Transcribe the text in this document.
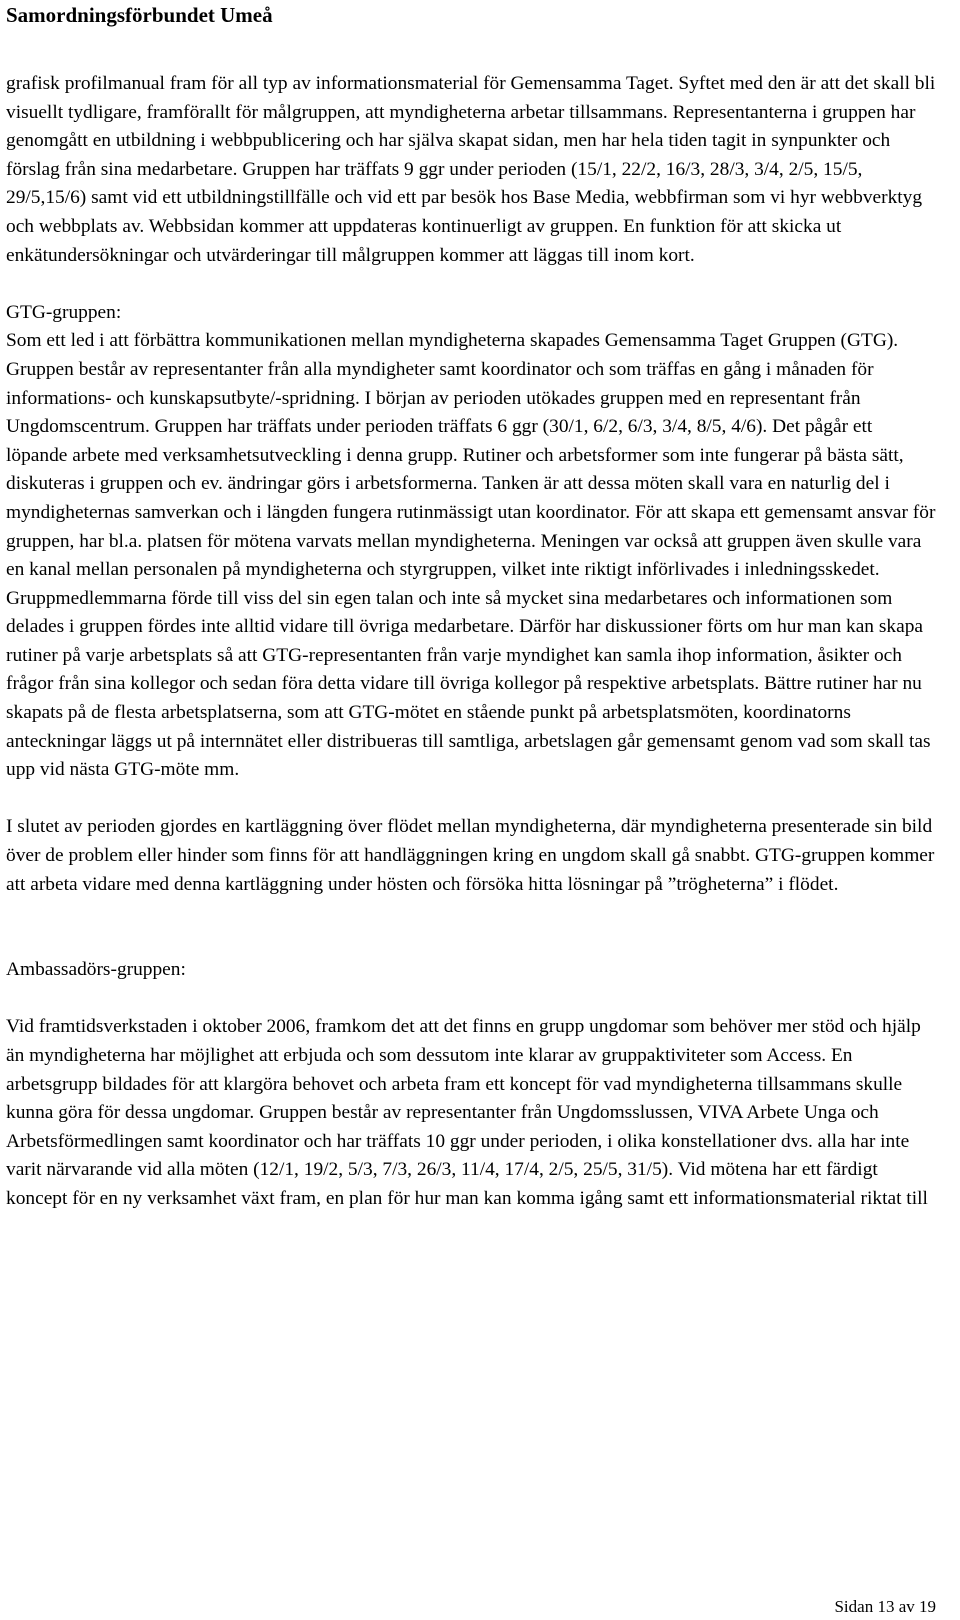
Samordningsförbundet Umeå

grafisk profilmanual fram för all typ av informationsmaterial för Gemensamma Taget. Syftet med den är att det skall bli visuellt tydligare, framförallt för målgruppen, att myndigheterna arbetar tillsammans. Representanterna i gruppen har genomgått en utbildning i webbpublicering och har själva skapat sidan, men har hela tiden tagit in synpunkter och förslag från sina medarbetare. Gruppen har träffats 9 ggr under perioden (15/1, 22/2, 16/3, 28/3, 3/4, 2/5, 15/5, 29/5,15/6) samt vid ett utbildningstillfälle och vid ett par besök hos Base Media, webbfirman som vi hyr webbverktyg och webbplats av. Webbsidan kommer att uppdateras kontinuerligt av gruppen. En funktion för att skicka ut enkätundersökningar och utvärderingar till målgruppen kommer att läggas till inom kort.

GTG-gruppen:

Som ett led i att förbättra kommunikationen mellan myndigheterna skapades Gemensamma Taget Gruppen (GTG). Gruppen består av representanter från alla myndigheter samt koordinator och som träffas en gång i månaden för informations- och kunskapsutbyte/-spridning. I början av perioden utökades gruppen med en representant från Ungdomscentrum. Gruppen har träffats under perioden träffats 6 ggr (30/1, 6/2, 6/3, 3/4, 8/5, 4/6). Det pågår ett löpande arbete med verksamhetsutveckling i denna grupp. Rutiner och arbetsformer som inte fungerar på bästa sätt, diskuteras i gruppen och ev. ändringar görs i arbetsformerna. Tanken är att dessa möten skall vara en naturlig del i myndigheternas samverkan och i längden fungera rutinmässigt utan koordinator. För att skapa ett gemensamt ansvar för gruppen, har bl.a. platsen för mötena varvats mellan myndigheterna. Meningen var också att gruppen även skulle vara en kanal mellan personalen på myndigheterna och styrgruppen, vilket inte riktigt införlivades i inledningsskedet. Gruppmedlemmarna förde till viss del sin egen talan och inte så mycket sina medarbetares och informationen som delades i gruppen fördes inte alltid vidare till övriga medarbetare. Därför har diskussioner förts om hur man kan skapa rutiner på varje arbetsplats så att GTG-representanten från varje myndighet kan samla ihop information, åsikter och frågor från sina kollegor och sedan föra detta vidare till övriga kollegor på respektive arbetsplats. Bättre rutiner har nu skapats på de flesta arbetsplatserna, som att GTG-mötet en stående punkt på arbetsplatsmöten, koordinatorns anteckningar läggs ut på internnätet eller distribueras till samtliga, arbetslagen går gemensamt genom vad som skall tas upp vid nästa GTG-möte mm.

I slutet av perioden gjordes en kartläggning över flödet mellan myndigheterna, där myndigheterna presenterade sin bild över de problem eller hinder som finns för att handläggningen kring en ungdom skall gå snabbt. GTG-gruppen kommer att arbeta vidare med denna kartläggning under hösten och försöka hitta lösningar på ”trögheterna” i flödet.

Ambassadörs-gruppen:

Vid framtidsverkstaden i oktober 2006, framkom det att det finns en grupp ungdomar som behöver mer stöd och hjälp än myndigheterna har möjlighet att erbjuda och som dessutom inte klarar av gruppaktiviteter som Access. En arbetsgrupp bildades för att klargöra behovet och arbeta fram ett koncept för vad myndigheterna tillsammans skulle kunna göra för dessa ungdomar. Gruppen består av representanter från Ungdomsslussen, VIVA Arbete Unga och Arbetsförmedlingen samt koordinator och har träffats 10 ggr under perioden, i olika konstellationer dvs. alla har inte varit närvarande vid alla möten (12/1, 19/2, 5/3, 7/3, 26/3, 11/4, 17/4, 2/5, 25/5, 31/5). Vid mötena har ett färdigt koncept för en ny verksamhet växt fram, en plan för hur man kan komma igång samt ett informationsmaterial riktat till

Sidan 13 av 19
